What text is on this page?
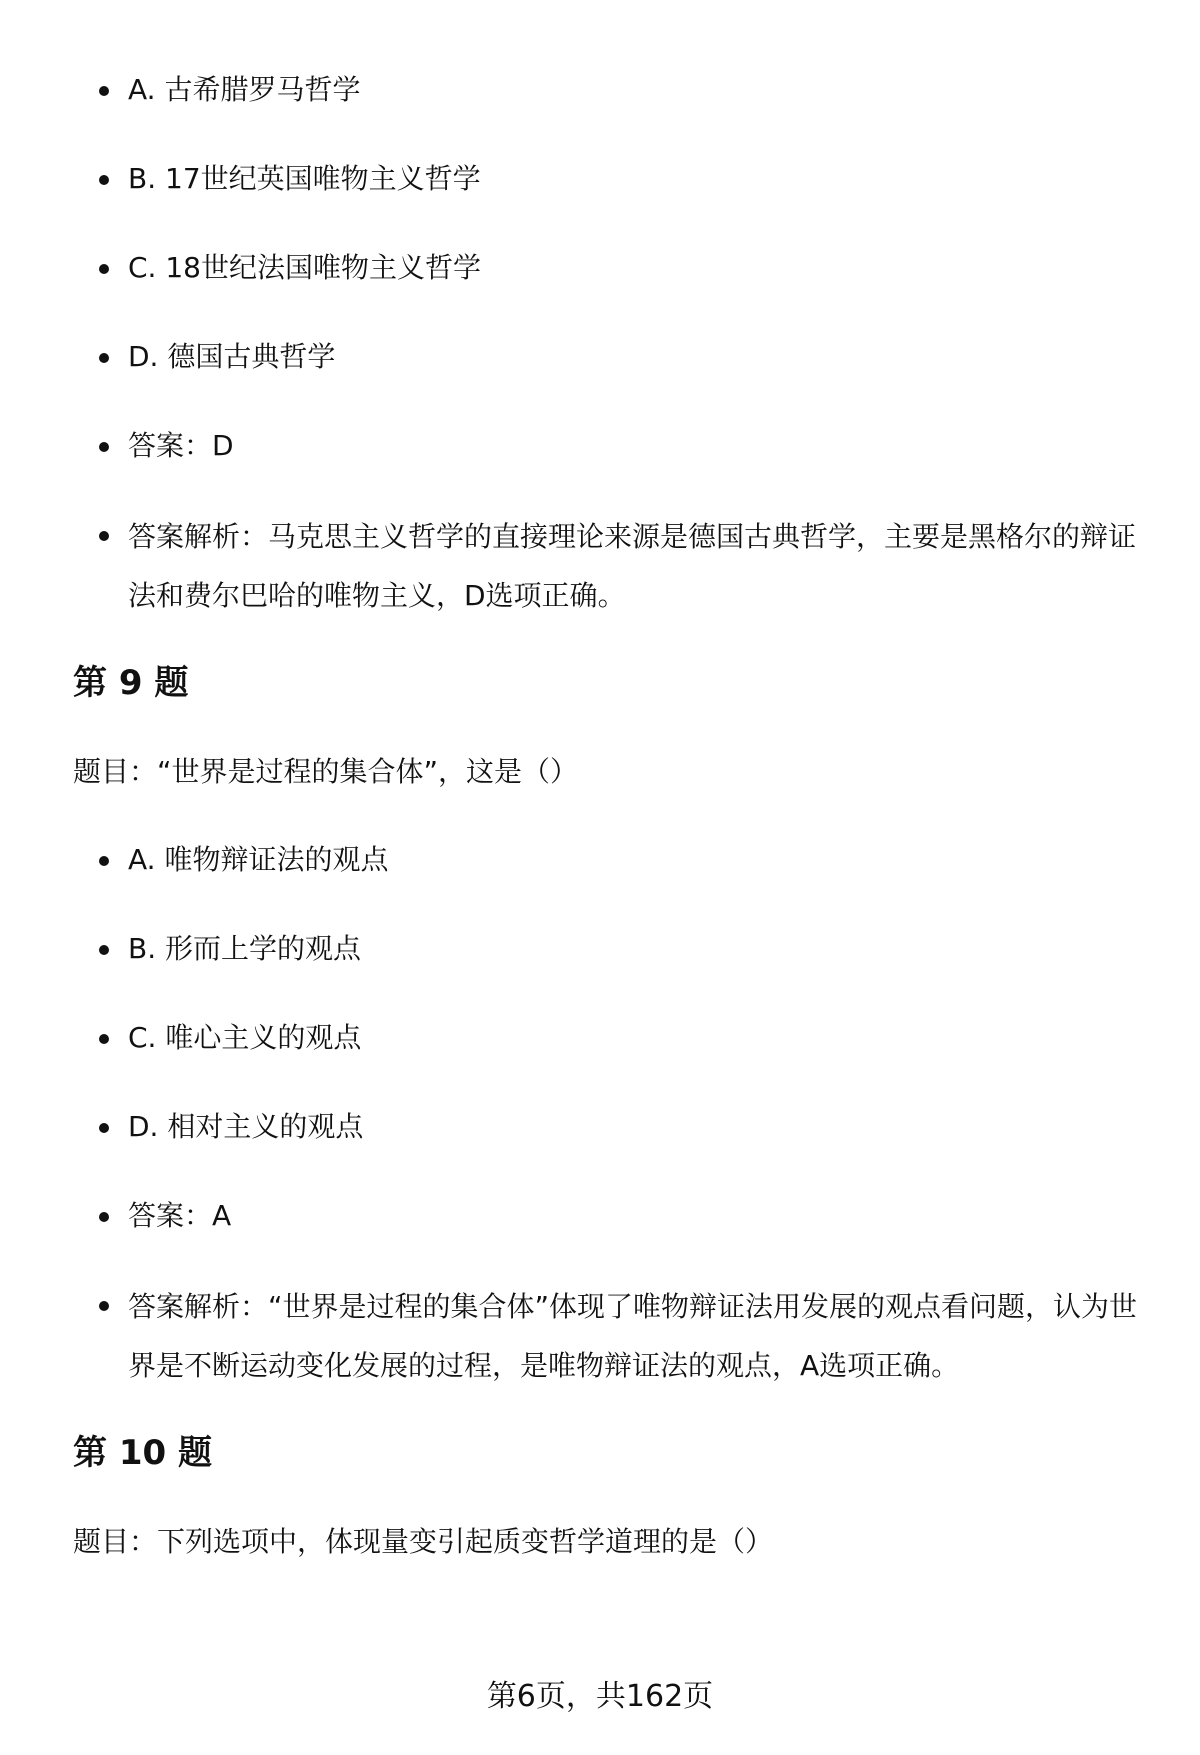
A. 古希腊罗马哲学
B. 17世纪英国唯物主义哲学
C. 18世纪法国唯物主义哲学
D. 德国古典哲学
答案：D
答案解析：马克思主义哲学的直接理论来源是德国古典哲学，主要是黑格尔的辩证法和费尔巴哈的唯物主义，D选项正确。
第 9 题
题目：“世界是过程的集合体”，这是（）
A. 唯物辩证法的观点
B. 形而上学的观点
C. 唯心主义的观点
D. 相对主义的观点
答案：A
答案解析：“世界是过程的集合体”体现了唯物辩证法用发展的观点看问题，认为世界是不断运动变化发展的过程，是唯物辩证法的观点，A选项正确。
第 10 题
题目：下列选项中，体现量变引起质变哲学道理的是（）
第6页，共162页
